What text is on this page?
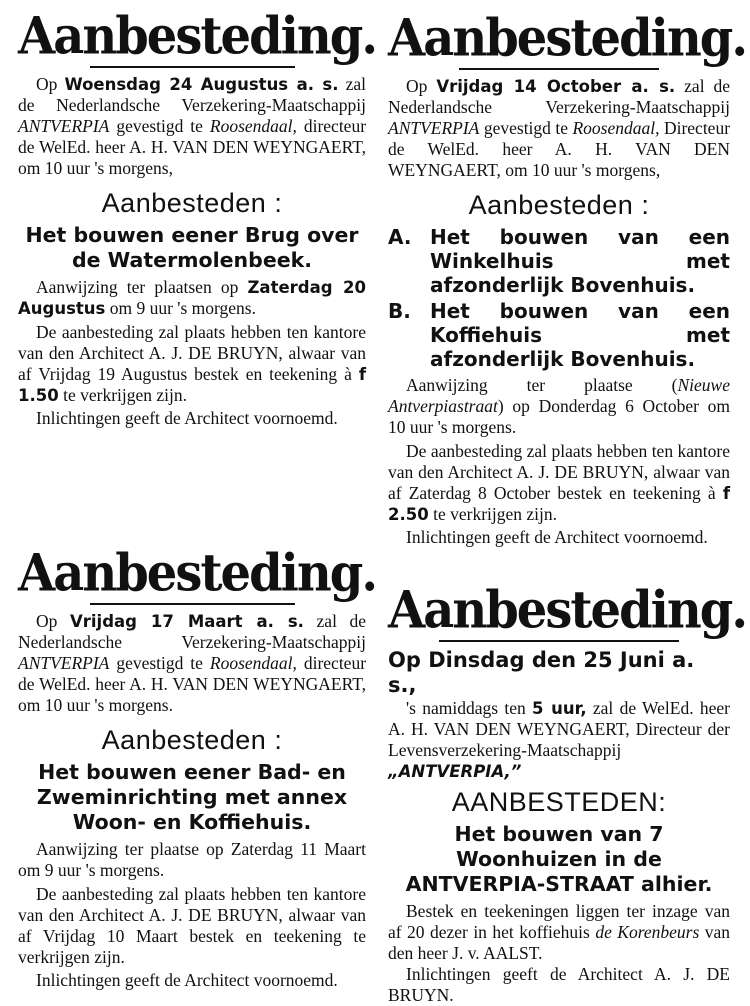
Aanbesteding.

Op Woensdag 24 Augustus a. s. zal de Nederlandsche Verzekering-Maatschappij ANTVERPIA gevestigd te Roosendaal, directeur de WelEd. heer A. H. VAN DEN WEYNGAERT, om 10 uur 's morgens,

Aanbesteden :
Het bouwen eener Brug over de Watermolenbeek.

Aanwijzing ter plaatsen op Zaterdag 20 Augustus om 9 uur 's morgens.

De aanbesteding zal plaats hebben ten kantore van den Architect A. J. DE BRUYN, alwaar van af Vrijdag 19 Augustus bestek en teekening à f 1.50 te verkrijgen zijn.

Inlichtingen geeft de Architect voornoemd.

Aanbesteding.

Op Vrijdag 14 October a. s. zal de Nederlandsche Verzekering-Maatschappij ANTVERPIA gevestigd te Roosendaal, Directeur de WelEd. heer A. H. VAN DEN WEYNGAERT, om 10 uur 's morgens,

Aanbesteden :
A. Het bouwen van een Winkelhuis met afzonderlijk Bovenhuis.
B. Het bouwen van een Koffiehuis met afzonderlijk Bovenhuis.

Aanwijzing ter plaatse (Nieuwe Antverpiastraat) op Donderdag 6 October om 10 uur 's morgens.

De aanbesteding zal plaats hebben ten kantore van den Architect A. J. DE BRUYN, alwaar van af Zaterdag 8 October bestek en teekening à f 2.50 te verkrijgen zijn.

Inlichtingen geeft de Architect voornoemd.

Aanbesteding.

Op Vrijdag 17 Maart a. s. zal de Nederlandsche Verzekering-Maatschappij ANTVERPIA gevestigd te Roosendaal, directeur de WelEd. heer A. H. VAN DEN WEYNGAERT, om 10 uur 's morgens.

Aanbesteden :
Het bouwen eener Bad- en Zweminrichting met annex Woon- en Koffiehuis.

Aanwijzing ter plaatse op Zaterdag 11 Maart om 9 uur 's morgens.

De aanbesteding zal plaats hebben ten kantore van den Architect A. J. DE BRUYN, alwaar van af Vrijdag 10 Maart bestek en teekening te verkrijgen zijn.

Inlichtingen geeft de Architect voornoemd.

Aanbesteding.
Op Dinsdag den 25 Juni a. s.,

's namiddags ten 5 uur, zal de WelEd. heer A. H. VAN DEN WEYNGAERT, Directeur der Levensverzekering-Maatschappij „ANTVERPIA,”

AANBESTEDEN:
Het bouwen van 7 Woonhuizen in de ANTVERPIA-STRAAT alhier.

Bestek en teekeningen liggen ter inzage van af 20 dezer in het koffiehuis de Korenbeurs van den heer J. v. AALST.

Inlichtingen geeft de Architect A. J. DE BRUYN.
